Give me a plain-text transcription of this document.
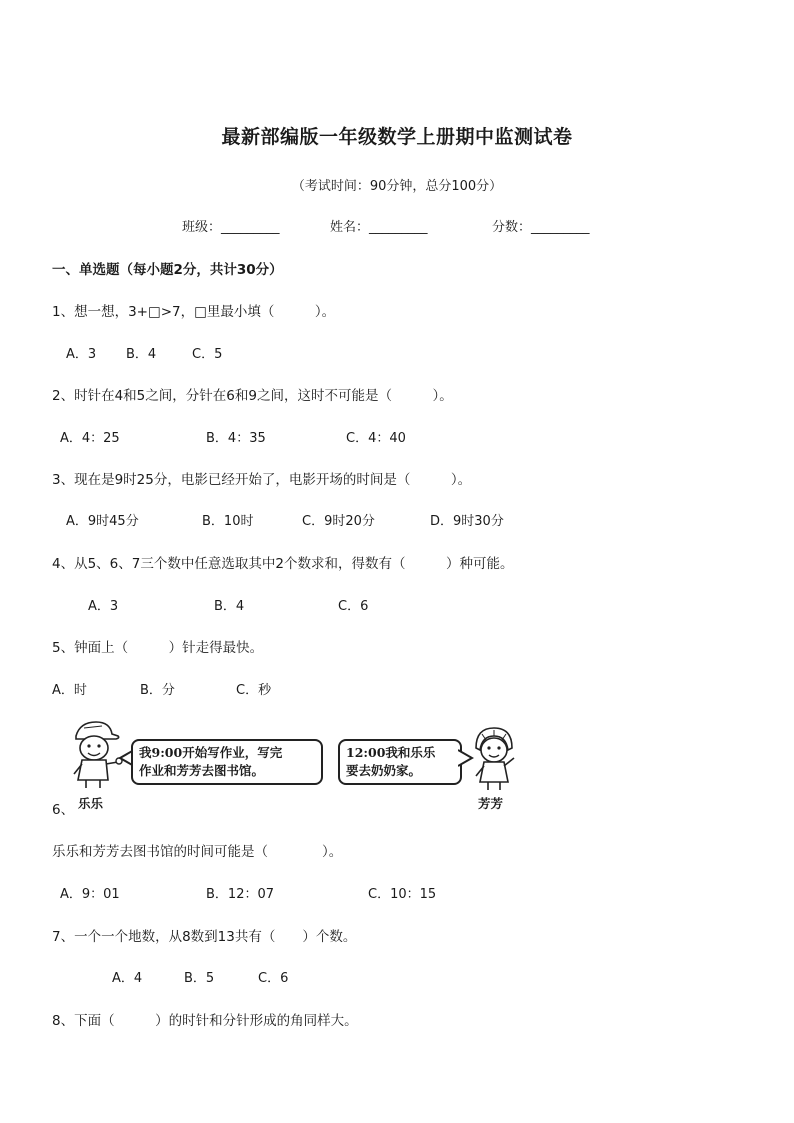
最新部编版一年级数学上册期中监测试卷
（考试时间：90分钟，总分100分）
班级：_________	姓名：_________	分数：_________
一、单选题（每小题2分，共计30分）
1、想一想，3+□>7，□里最小填（　　　）。
A．3 B．4	C．5
2、时针在4和5之间，分针在6和9之间，这时不可能是（　　　）。
A．4：25	B．4：35	C．4：40
3、现在是9时25分，电影已经开始了，电影开场的时间是（　　　）。
A．9时45分	B．10时	C．9时20分	D．9时30分
4、从5、6、7三个数中任意选取其中2个数求和，得数有（　　　）种可能。
A．3	B．4	C．6
5、钟面上（　　　）针走得最快。
A．时	B．分	C．秒
乐乐
我9:00开始写作业，写完
作业和芳芳去图书馆。
12:00我和乐乐
要去奶奶家。
芳芳
6、
乐乐和芳芳去图书馆的时间可能是（　　　　）。
A．9：01	B．12：07	C．10：15
7、一个一个地数，从8数到13共有（　　）个数。
A．4	B．5	C．6
8、下面（　　　）的时针和分针形成的角同样大。
